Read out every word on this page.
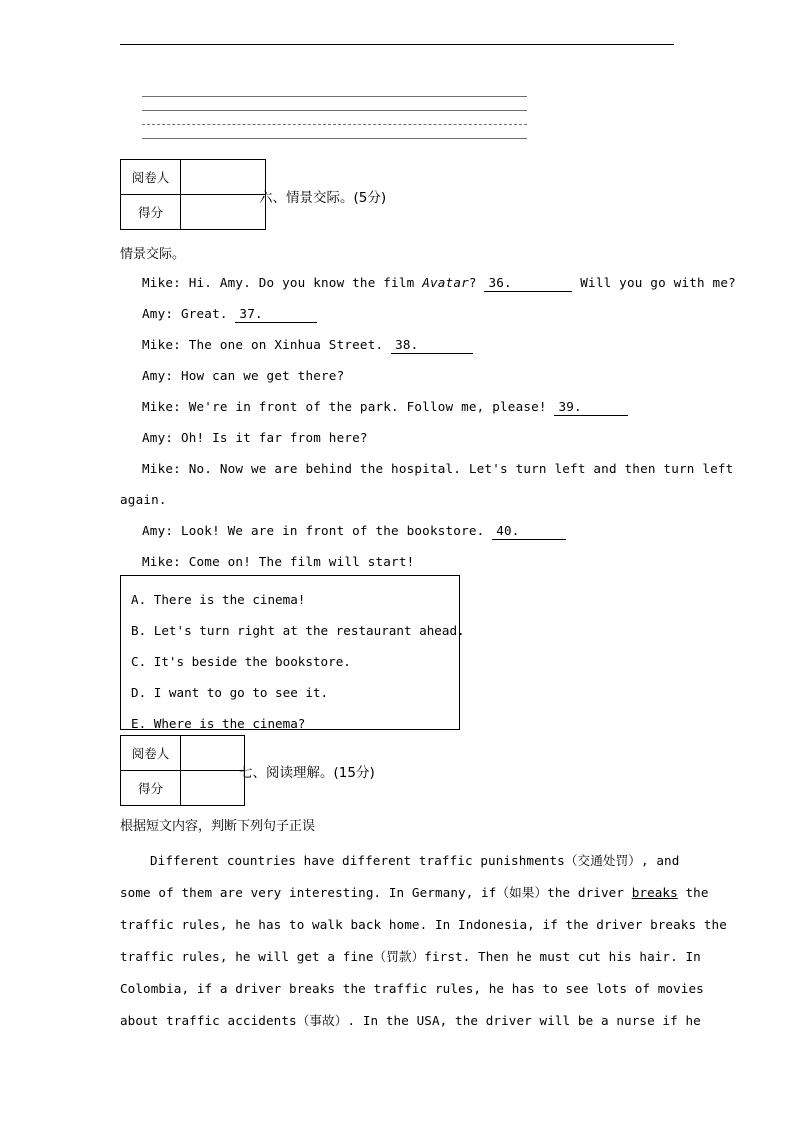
阅卷人
得分
六、情景交际。(5分)
情景交际。
Mike: Hi. Amy. Do you know the film Avatar? 36.	Will you go with me?
Amy: Great. 37.
Mike: The one on Xinhua Street. 38.
Amy: How can we get there?
Mike: We're in front of the park. Follow me, please! 39.
Amy: Oh! Is it far from here?
Mike: No. Now we are behind the hospital. Let's turn left and then turn left
again.
Amy: Look! We are in front of the bookstore. 40.
Mike: Come on! The film will start!
A. There is the cinema!
B. Let's turn right at the restaurant ahead.
C. It's beside the bookstore.
D. I want to go to see it.
E. Where is the cinema?
阅卷人
得分
七、阅读理解。(15分)
根据短文内容，判断下列句子正误

Different countries have different traffic punishments（交通处罚）, and

some of them are very interesting. In Germany, if（如果）the driver breaks the

traffic rules, he has to walk back home. In Indonesia, if the driver breaks the

traffic rules, he will get a fine（罚款）first. Then he must cut his hair. In

Colombia, if a driver breaks the traffic rules, he has to see lots of movies

about traffic accidents（事故）. In the USA, the driver will be a nurse if he
